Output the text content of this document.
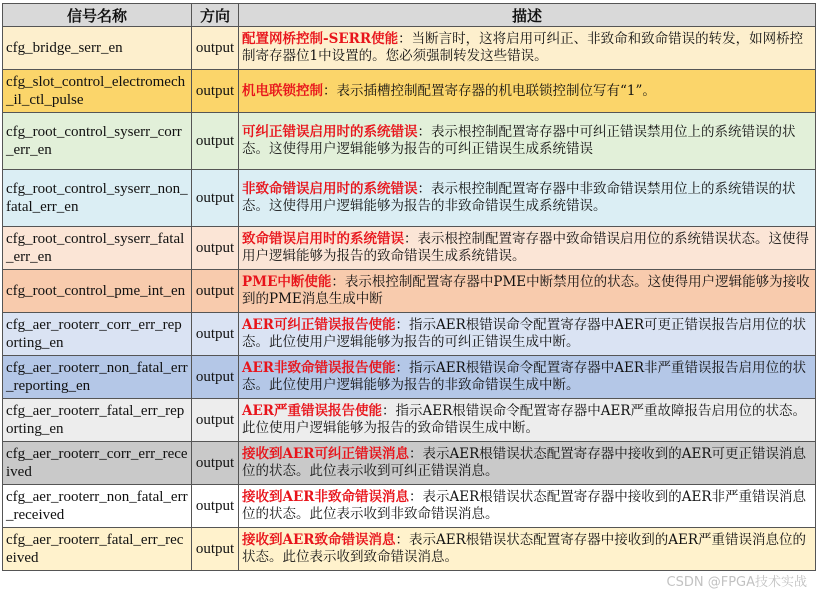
信号名称	方向	描述
cfg_bridge_serr_en	output	配置网桥控制-SERR使能：当断言时，这将启用可纠正、非致命和致命错误的转发，如网桥控制寄存器位1中设置的。您必须强制转发这些错误。
cfg_slot_control_electromech_il_ctl_pulse	output	机电联锁控制：表示插槽控制配置寄存器的机电联锁控制位写有“1”。
cfg_root_control_syserr_corr_err_en	output	可纠正错误启用时的系统错误：表示根控制配置寄存器中可纠正错误禁用位上的系统错误的状态。这使得用户逻辑能够为报告的可纠正错误生成系统错误
cfg_root_control_syserr_non_fatal_err_en	output	非致命错误启用时的系统错误：表示根控制配置寄存器中非致命错误禁用位上的系统错误的状态。这使得用户逻辑能够为报告的非致命错误生成系统错误。
cfg_root_control_syserr_fatal_err_en	output	致命错误启用时的系统错误：表示根控制配置寄存器中致命错误启用位的系统错误状态。这使得用户逻辑能够为报告的致命错误生成系统错误。
cfg_root_control_pme_int_en	output	PME中断使能：表示根控制配置寄存器中PME中断禁用位的状态。这使得用户逻辑能够为接收到的PME消息生成中断
cfg_aer_rooterr_corr_err_reporting_en	output	AER可纠正错误报告使能：指示AER根错误命令配置寄存器中AER可更正错误报告启用位的状态。此位使用户逻辑能够为报告的可纠正错误生成中断。
cfg_aer_rooterr_non_fatal_err_reporting_en	output	AER非致命错误报告使能：指示AER根错误命令配置寄存器中AER非严重错误报告启用位的状态。此位使用户逻辑能够为报告的非致命错误生成中断。
cfg_aer_rooterr_fatal_err_reporting_en	output	AER严重错误报告使能：指示AER根错误命令配置寄存器中AER严重故障报告启用位的状态。此位使用户逻辑能够为报告的致命错误生成中断。
cfg_aer_rooterr_corr_err_received	output	接收到AER可纠正错误消息：表示AER根错误状态配置寄存器中接收到的AER可更正错误消息位的状态。此位表示收到可纠正错误消息。
cfg_aer_rooterr_non_fatal_err_received	output	接收到AER非致命错误消息：表示AER根错误状态配置寄存器中接收到的AER非严重错误消息位的状态。此位表示收到非致命错误消息。
cfg_aer_rooterr_fatal_err_received	output	接收到AER致命错误消息：表示AER根错误状态配置寄存器中接收到的AER严重错误消息位的状态。此位表示收到致命错误消息。
CSDN @FPGA技术实战
